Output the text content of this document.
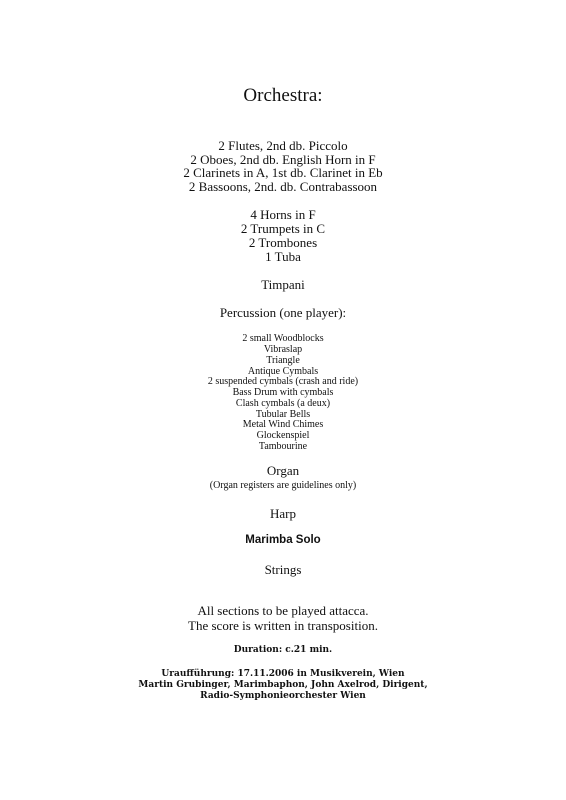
Orchestra:
2 Flutes, 2nd db. Piccolo
2 Oboes, 2nd db. English Horn in F
2 Clarinets in A, 1st db. Clarinet in Eb
2 Bassoons, 2nd. db. Contrabassoon
4 Horns in F
2 Trumpets in C
2 Trombones
1 Tuba
Timpani
Percussion (one player):
2 small Woodblocks
Vibraslap
Triangle
Antique Cymbals
2 suspended cymbals (crash and ride)
Bass Drum with cymbals
Clash cymbals (a deux)
Tubular Bells
Metal Wind Chimes
Glockenspiel
Tambourine
Organ
(Organ registers are guidelines only)
Harp
Marimba Solo
Strings
All sections to be played attacca.
The score is written in transposition.
Duration: c.21 min.
Uraufführung: 17.11.2006 in Musikverein, Wien
Martin Grubinger, Marimbaphon, John Axelrod, Dirigent,
Radio-Symphonieorchester Wien
